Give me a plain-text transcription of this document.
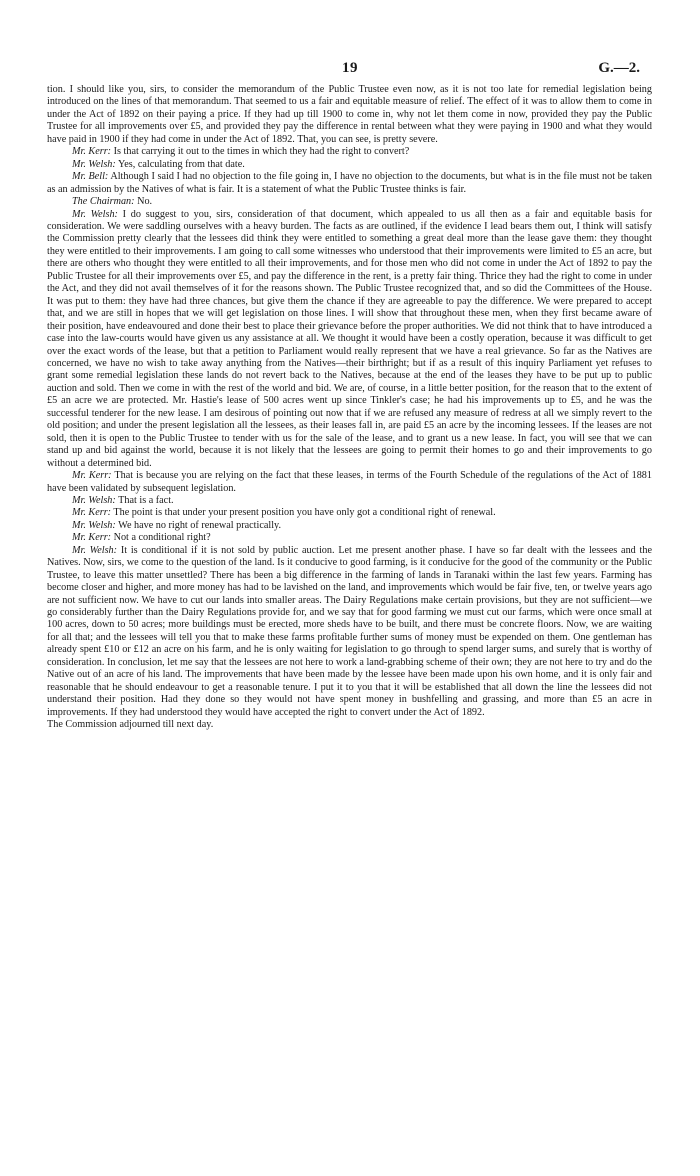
19	G.—2.

tion. I should like you, sirs, to consider the memorandum of the Public Trustee even now, as it is not too late for remedial legislation being introduced on the lines of that memorandum. That seemed to us a fair and equitable measure of relief. The effect of it was to allow them to come in under the Act of 1892 on their paying a price. If they had up till 1900 to come in, why not let them come in now, provided they pay the Public Trustee for all improvements over £5, and provided they pay the difference in rental between what they were paying in 1900 and what they would have paid in 1900 if they had come in under the Act of 1892. That, you can see, is pretty severe.

Mr. Kerr: Is that carrying it out to the times in which they had the right to convert?

Mr. Welsh: Yes, calculating from that date.

Mr. Bell: Although I said I had no objection to the file going in, I have no objection to the documents, but what is in the file must not be taken as an admission by the Natives of what is fair. It is a statement of what the Public Trustee thinks is fair.

The Chairman: No.

Mr. Welsh: I do suggest to you, sirs, consideration of that document, which appealed to us all then as a fair and equitable basis for consideration. We were saddling ourselves with a heavy burden. The facts as are outlined, if the evidence I lead bears them out, I think will satisfy the Commission pretty clearly that the lessees did think they were entitled to something a great deal more than the lease gave them: they thought they were entitled to their improvements. I am going to call some witnesses who understood that their improvements were limited to £5 an acre, but there are others who thought they were entitled to all their improvements, and for those men who did not come in under the Act of 1892 to pay the Public Trustee for all their improvements over £5, and pay the difference in the rent, is a pretty fair thing. Thrice they had the right to come in under the Act, and they did not avail themselves of it for the reasons shown. The Public Trustee recognized that, and so did the Committees of the House. It was put to them: they have had three chances, but give them the chance if they are agreeable to pay the difference. We were prepared to accept that, and we are still in hopes that we will get legislation on those lines. I will show that throughout these men, when they first became aware of their position, have endeavoured and done their best to place their grievance before the proper authorities. We did not think that to have introduced a case into the law-courts would have given us any assistance at all. We thought it would have been a costly operation, because it was difficult to get over the exact words of the lease, but that a petition to Parliament would really represent that we have a real grievance. So far as the Natives are concerned, we have no wish to take away anything from the Natives—their birthright; but if as a result of this inquiry Parliament yet refuses to grant some remedial legislation these lands do not revert back to the Natives, because at the end of the leases they have to be put up to public auction and sold. Then we come in with the rest of the world and bid. We are, of course, in a little better position, for the reason that to the extent of £5 an acre we are protected. Mr. Hastie's lease of 500 acres went up since Tinkler's case; he had his improvements up to £5, and he was the successful tenderer for the new lease. I am desirous of pointing out now that if we are refused any measure of redress at all we simply revert to the old position; and under the present legislation all the lessees, as their leases fall in, are paid £5 an acre by the incoming lessees. If the leases are not sold, then it is open to the Public Trustee to tender with us for the sale of the lease, and to grant us a new lease. In fact, you will see that we can stand up and bid against the world, because it is not likely that the lessees are going to permit their homes to go and their improvements to go without a determined bid.

Mr. Kerr: That is because you are relying on the fact that these leases, in terms of the Fourth Schedule of the regulations of the Act of 1881 have been validated by subsequent legislation.

Mr. Welsh: That is a fact.

Mr. Kerr: The point is that under your present position you have only got a conditional right of renewal.

Mr. Welsh: We have no right of renewal practically.

Mr. Kerr: Not a conditional right?

Mr. Welsh: It is conditional if it is not sold by public auction. Let me present another phase. I have so far dealt with the lessees and the Natives. Now, sirs, we come to the question of the land. Is it conducive to good farming, is it conducive for the good of the community or the Public Trustee, to leave this matter unsettled? There has been a big difference in the farming of lands in Taranaki within the last few years. Farming has become closer and higher, and more money has had to be lavished on the land, and improvements which would be fair five, ten, or twelve years ago are not sufficient now. We have to cut our lands into smaller areas. The Dairy Regulations make certain provisions, but they are not sufficient—we go considerably further than the Dairy Regulations provide for, and we say that for good farming we must cut our farms, which were once small at 100 acres, down to 50 acres; more buildings must be erected, more sheds have to be built, and there must be concrete floors. Now, we are waiting for all that; and the lessees will tell you that to make these farms profitable further sums of money must be expended on them. One gentleman has already spent £10 or £12 an acre on his farm, and he is only waiting for legislation to go through to spend larger sums, and surely that is worthy of consideration. In conclusion, let me say that the lessees are not here to work a land-grabbing scheme of their own; they are not here to try and do the Native out of an acre of his land. The improvements that have been made by the lessee have been made upon his own home, and it is only fair and reasonable that he should endeavour to get a reasonable tenure. I put it to you that it will be established that all down the line the lessees did not understand their position. Had they done so they would not have spent money in bushfelling and grassing, and more than £5 an acre in improvements. If they had understood they would have accepted the right to convert under the Act of 1892.

The Commission adjourned till next day.
